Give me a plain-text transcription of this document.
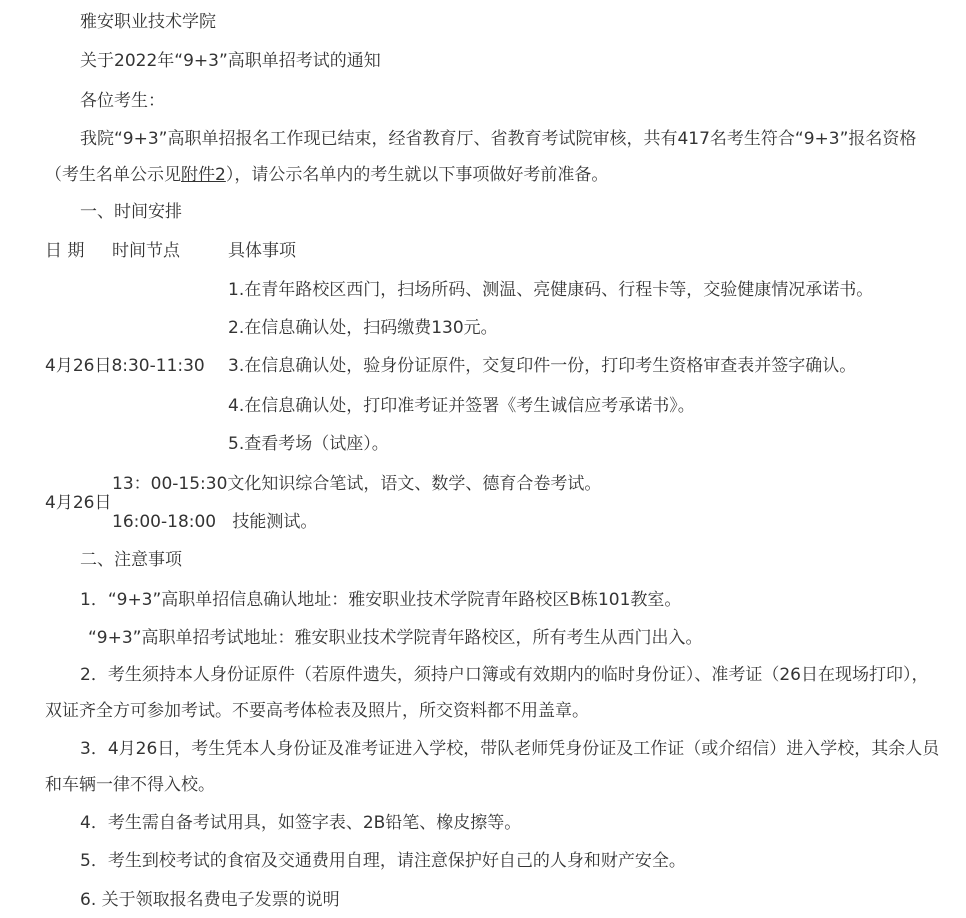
雅安职业技术学院
关于2022年“9+3”高职单招考试的通知
各位考生：
我院“9+3”高职单招报名工作现已结束，经省教育厅、省教育考试院审核，共有417名考生符合“9+3”报名资格（考生名单公示见附件2），请公示名单内的考生就以下事项做好考前准备。
一、时间安排
日 期 时间节点	具体事项
1.在青年路校区西门，扫场所码、测温、亮健康码、行程卡等，交验健康情况承诺书。
2.在信息确认处，扫码缴费130元。
4月26日8:30-11:30 3.在信息确认处，验身份证原件，交复印件一份，打印考生资格审查表并签字确认。
4.在信息确认处，打印准考证并签署《考生诚信应考承诺书》。
5.查看考场（试座）。
13：00-15:30文化知识综合笔试，语文、数学、德育合卷考试。
4月26日
16:00-18:00   技能测试。
二、注意事项
1．“9+3”高职单招信息确认地址：雅安职业技术学院青年路校区B栋101教室。
“9+3”高职单招考试地址：雅安职业技术学院青年路校区，所有考生从西门出入。
2．考生须持本人身份证原件（若原件遗失，须持户口簿或有效期内的临时身份证）、准考证（26日在现场打印），双证齐全方可参加考试。不要高考体检表及照片，所交资料都不用盖章。
3．4月26日，考生凭本人身份证及准考证进入学校，带队老师凭身份证及工作证（或介绍信）进入学校，其余人员和车辆一律不得入校。
4．考生需自备考试用具，如签字表、2B铅笔、橡皮擦等。
5．考生到校考试的食宿及交通费用自理，请注意保护好自己的人身和财产安全。
6. 关于领取报名费电子发票的说明
